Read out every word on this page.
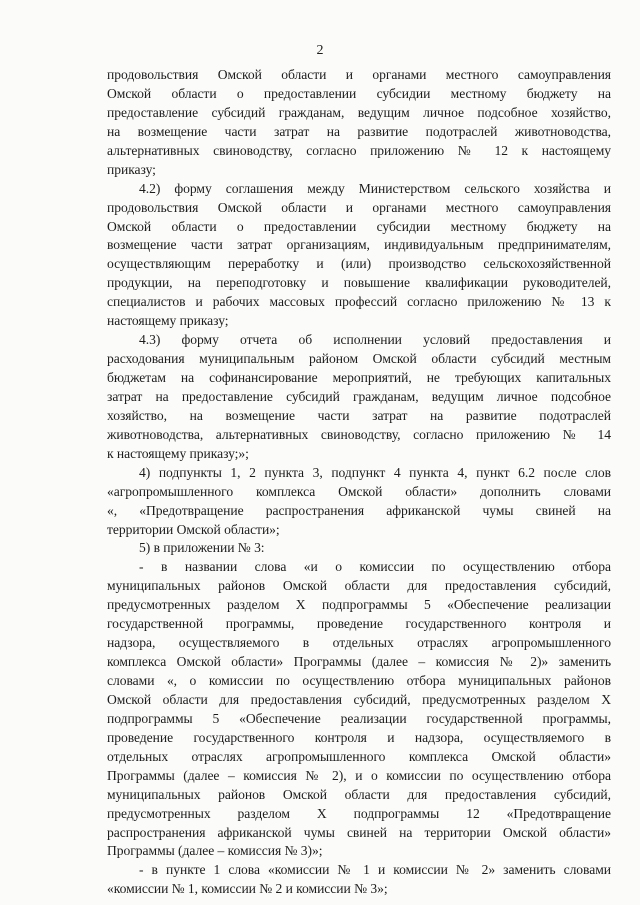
2
продовольствия Омской области и органами местного самоуправления
Омской области о предоставлении субсидии местному бюджету на
предоставление субсидий гражданам, ведущим личное подсобное хозяйство,
на возмещение части затрат на развитие подотраслей животноводства,
альтернативных свиноводству, согласно приложению № 12 к настоящему
приказу;
4.2) форму соглашения между Министерством сельского хозяйства и
продовольствия Омской области и органами местного самоуправления
Омской области о предоставлении субсидии местному бюджету на
возмещение части затрат организациям, индивидуальным предпринимателям,
осуществляющим переработку и (или) производство сельскохозяйственной
продукции, на переподготовку и повышение квалификации руководителей,
специалистов и рабочих массовых профессий согласно приложению № 13 к
настоящему приказу;
4.3) форму отчета об исполнении условий предоставления и
расходования муниципальным районом Омской области субсидий местным
бюджетам на софинансирование мероприятий, не требующих капитальных
затрат на предоставление субсидий гражданам, ведущим личное подсобное
хозяйство, на возмещение части затрат на развитие подотраслей
животноводства, альтернативных свиноводству, согласно приложению № 14
к настоящему приказу;»;
4) подпункты 1, 2 пункта 3, подпункт 4 пункта 4, пункт 6.2 после слов
«агропромышленного комплекса Омской области» дополнить словами
«, «Предотвращение распространения африканской чумы свиней на
территории Омской области»;
5) в приложении № 3:
- в названии слова «и о комиссии по осуществлению отбора
муниципальных районов Омской области для предоставления субсидий,
предусмотренных разделом X подпрограммы 5 «Обеспечение реализации
государственной программы, проведение государственного контроля и
надзора, осуществляемого в отдельных отраслях агропромышленного
комплекса Омской области» Программы (далее – комиссия № 2)» заменить
словами «, о комиссии по осуществлению отбора муниципальных районов
Омской области для предоставления субсидий, предусмотренных разделом X
подпрограммы 5 «Обеспечение реализации государственной программы,
проведение государственного контроля и надзора, осуществляемого в
отдельных отраслях агропромышленного комплекса Омской области»
Программы (далее – комиссия № 2), и о комиссии по осуществлению отбора
муниципальных районов Омской области для предоставления субсидий,
предусмотренных разделом X подпрограммы 12 «Предотвращение
распространения африканской чумы свиней на территории Омской области»
Программы (далее – комиссия № 3)»;
- в пункте 1 слова «комиссии № 1 и комиссии № 2» заменить словами
«комиссии № 1, комиссии № 2 и комиссии № 3»;
